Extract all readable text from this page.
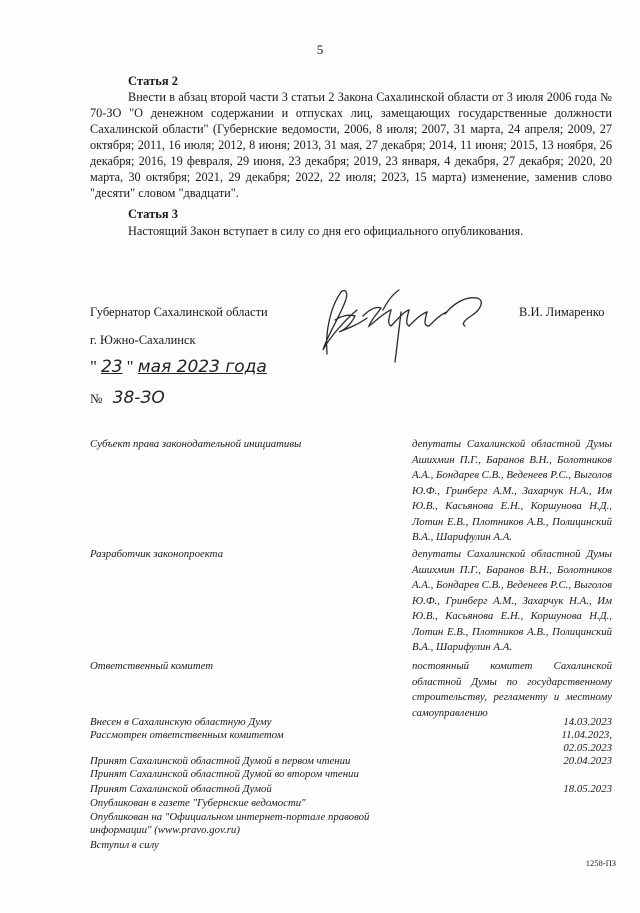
5
Статья 2
Внести в абзац второй части 3 статьи 2 Закона Сахалинской области от 3 июля 2006 года № 70-ЗО "О денежном содержании и отпусках лиц, замещающих государственные должности Сахалинской области" (Губернские ведомости, 2006, 8 июля; 2007, 31 марта, 24 апреля; 2009, 27 октября; 2011, 16 июля; 2012, 8 июня; 2013, 31 мая, 27 декабря; 2014, 11 июня; 2015, 13 ноября, 26 декабря; 2016, 19 февраля, 29 июня, 23 декабря; 2019, 23 января, 4 декабря, 27 декабря; 2020, 20 марта, 30 октября; 2021, 29 декабря; 2022, 22 июля; 2023, 15 марта) изменение, заменив слово "десяти" словом "двадцати".
Статья 3
Настоящий Закон вступает в силу со дня его официального опубликования.
Губернатор Сахалинской области	В.И. Лимаренко
г. Южно-Сахалинск
" 23 " мая 2023 года
№ 38-ЗО
Субъект права законодательной инициативы	депутаты Сахалинской областной Думы Ашихмин П.Г., Баранов В.Н., Болотников А.А., Бондарев С.В., Веденеев Р.С., Выголов Ю.Ф., Гринберг А.М., Захарчук Н.А., Им Ю.В., Касьянова Е.Н., Коршунова Н.Д., Лотин Е.В., Плотников А.В., Полицинский В.А., Шарифулин А.А.
Разработчик законопроекта	депутаты Сахалинской областной Думы Ашихмин П.Г., Баранов В.Н., Болотников А.А., Бондарев С.В., Веденеев Р.С., Выголов Ю.Ф., Гринберг А.М., Захарчук Н.А., Им Ю.В., Касьянова Е.Н., Коршунова Н.Д., Лотин Е.В., Плотников А.В., Полицинский В.А., Шарифулин А.А.
Ответственный комитет	постоянный комитет Сахалинской областной Думы по государственному строительству, регламенту и местному самоуправлению
Внесен в Сахалинскую областную Думу	14.03.2023
Рассмотрен ответственным комитетом	11.04.2023,
02.05.2023
Принят Сахалинской областной Думой в первом чтении	20.04.2023
Принят Сахалинской областной Думой во втором чтении
Принят Сахалинской областной Думой	18.05.2023
Опубликован в газете "Губернские ведомости"
Опубликован на "Официальном интернет-портале правовой информации" (www.pravo.gov.ru)
Вступил в силу
1258-ПЗ
